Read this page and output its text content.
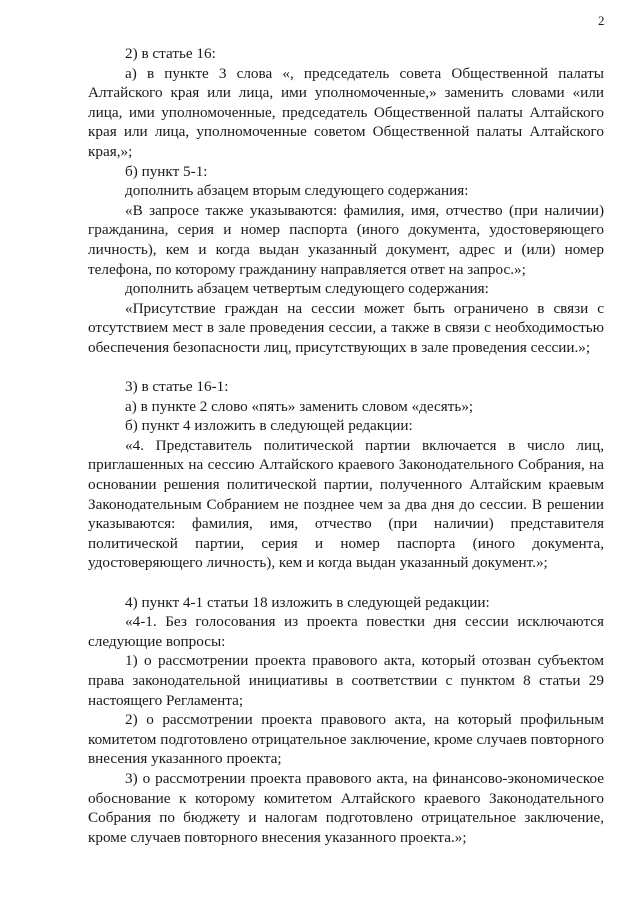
2

2) в статье 16:

а) в пункте 3 слова «, председатель совета Общественной палаты Алтайского края или лица, ими уполномоченные,» заменить словами «или лица, ими уполномоченные, председатель Общественной палаты Алтайского края или лица, уполномоченные советом Общественной палаты Алтайского края,»;

б) пункт 5-1:

дополнить абзацем вторым следующего содержания:

«В запросе также указываются: фамилия, имя, отчество (при наличии) гражданина, серия и номер паспорта (иного документа, удостоверяющего личность), кем и когда выдан указанный документ, адрес и (или) номер телефона, по которому гражданину направляется ответ на запрос.»;

дополнить абзацем четвертым следующего содержания:

«Присутствие граждан на сессии может быть ограничено в связи с отсутствием мест в зале проведения сессии, а также в связи с необходимостью обеспечения безопасности лиц, присутствующих в зале проведения сессии.»;

3) в статье 16-1:

а) в пункте 2 слово «пять» заменить словом «десять»;

б) пункт 4 изложить в следующей редакции:

«4. Представитель политической партии включается в число лиц, приглашенных на сессию Алтайского краевого Законодательного Собрания, на основании решения политической партии, полученного Алтайским краевым Законодательным Собранием не позднее чем за два дня до сессии. В решении указываются: фамилия, имя, отчество (при наличии) представителя политической партии, серия и номер паспорта (иного документа, удостоверяющего личность), кем и когда выдан указанный документ.»;

4) пункт 4-1 статьи 18 изложить в следующей редакции:

«4-1. Без голосования из проекта повестки дня сессии исключаются следующие вопросы:

1) о рассмотрении проекта правового акта, который отозван субъектом права законодательной инициативы в соответствии с пунктом 8 статьи 29 настоящего Регламента;

2) о рассмотрении проекта правового акта, на который профильным комитетом подготовлено отрицательное заключение, кроме случаев повторного внесения указанного проекта;

3) о рассмотрении проекта правового акта, на финансово-экономическое обоснование к которому комитетом Алтайского краевого Законодательного Собрания по бюджету и налогам подготовлено отрицательное заключение, кроме случаев повторного внесения указанного проекта.»;
